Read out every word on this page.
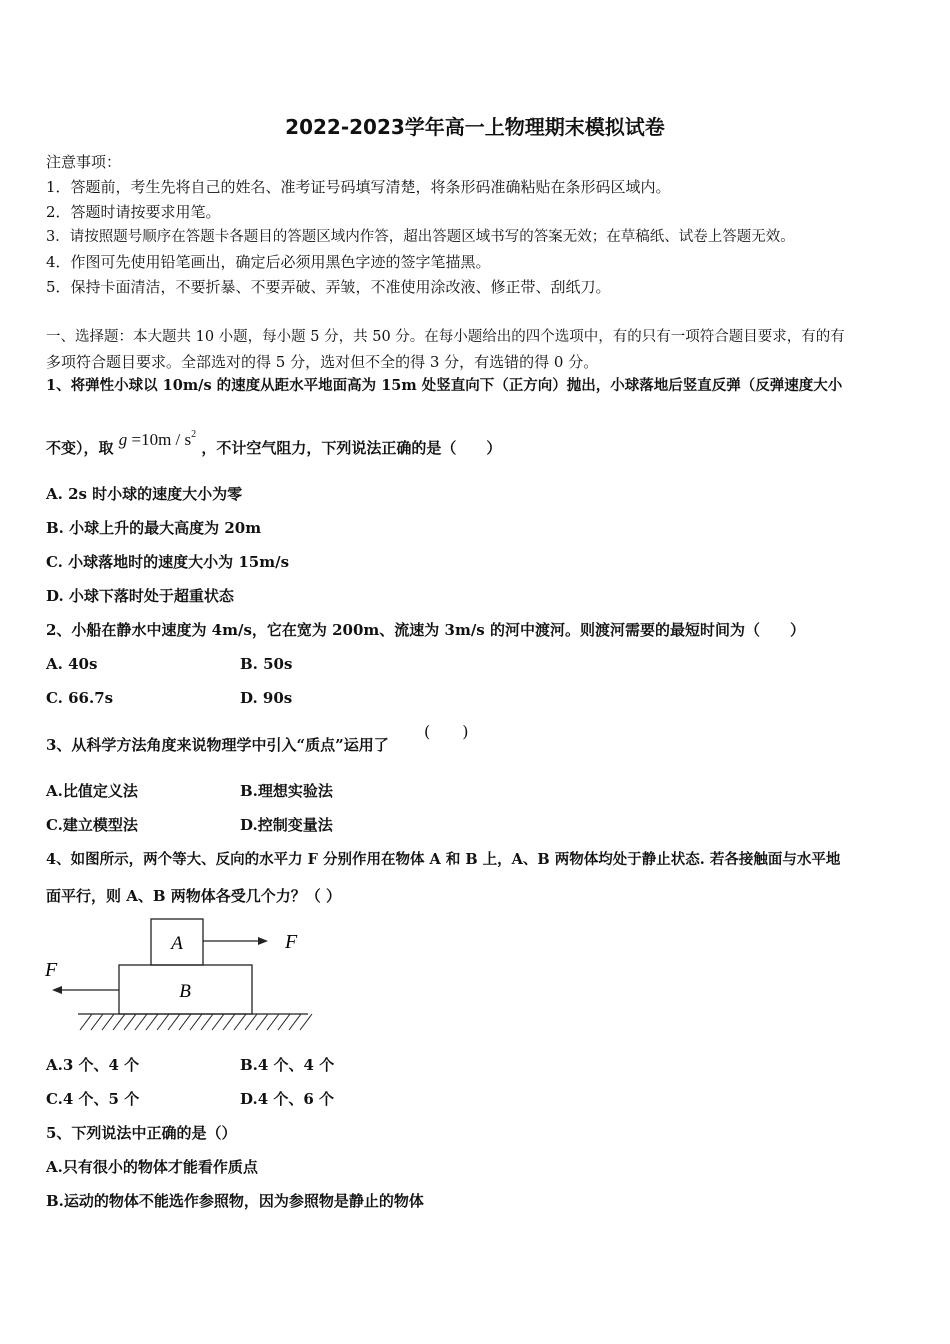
2022-2023学年高一上物理期末模拟试卷
注意事项：
1．答题前，考生先将自己的姓名、准考证号码填写清楚，将条形码准确粘贴在条形码区域内。
2．答题时请按要求用笔。
3．请按照题号顺序在答题卡各题目的答题区域内作答，超出答题区域书写的答案无效；在草稿纸、试卷上答题无效。
4．作图可先使用铅笔画出，确定后必须用黑色字迹的签字笔描黑。
5．保持卡面清洁，不要折暴、不要弄破、弄皱，不准使用涂改液、修正带、刮纸刀。
一、选择题：本大题共 10 小题，每小题 5 分，共 50 分。在每小题给出的四个选项中，有的只有一项符合题目要求，有的有
多项符合题目要求。全部选对的得 5 分，选对但不全的得 3 分，有选错的得 0 分。
1、将弹性小球以 10m/s 的速度从距水平地面高为 15m 处竖直向下（正方向）抛出，小球落地后竖直反弹（反弹速度大小
不变），取 $g =10m / s^2$ ，不计空气阻力，下列说法正确的是（　　）
A. 2s 时小球的速度大小为零
B. 小球上升的最大高度为 20m
C. 小球落地时的速度大小为 15m/s
D. 小球下落时处于超重状态
2、小船在静水中速度为 4m/s，它在宽为 200m、流速为 3m/s 的河中渡河。则渡河需要的最短时间为（　　）
A. 40s	B. 50s
C. 66.7s	D. 90s
3、从科学方法角度来说物理学中引入“质点”运用了
(　　)
A.比值定义法	B.理想实验法
C.建立模型法	D.控制变量法
4、如图所示，两个等大、反向的水平力 F 分别作用在物体 A 和 B 上，A、B 两物体均处于静止状态. 若各接触面与水平地
面平行，则 A、B 两物体各受几个力？（ ）
A
B
F
F
A.3 个、4 个	B.4 个、4 个
C.4 个、5 个	D.4 个、6 个
5、下列说法中正确的是（）
A.只有很小的物体才能看作质点
B.运动的物体不能选作参照物，因为参照物是静止的物体
